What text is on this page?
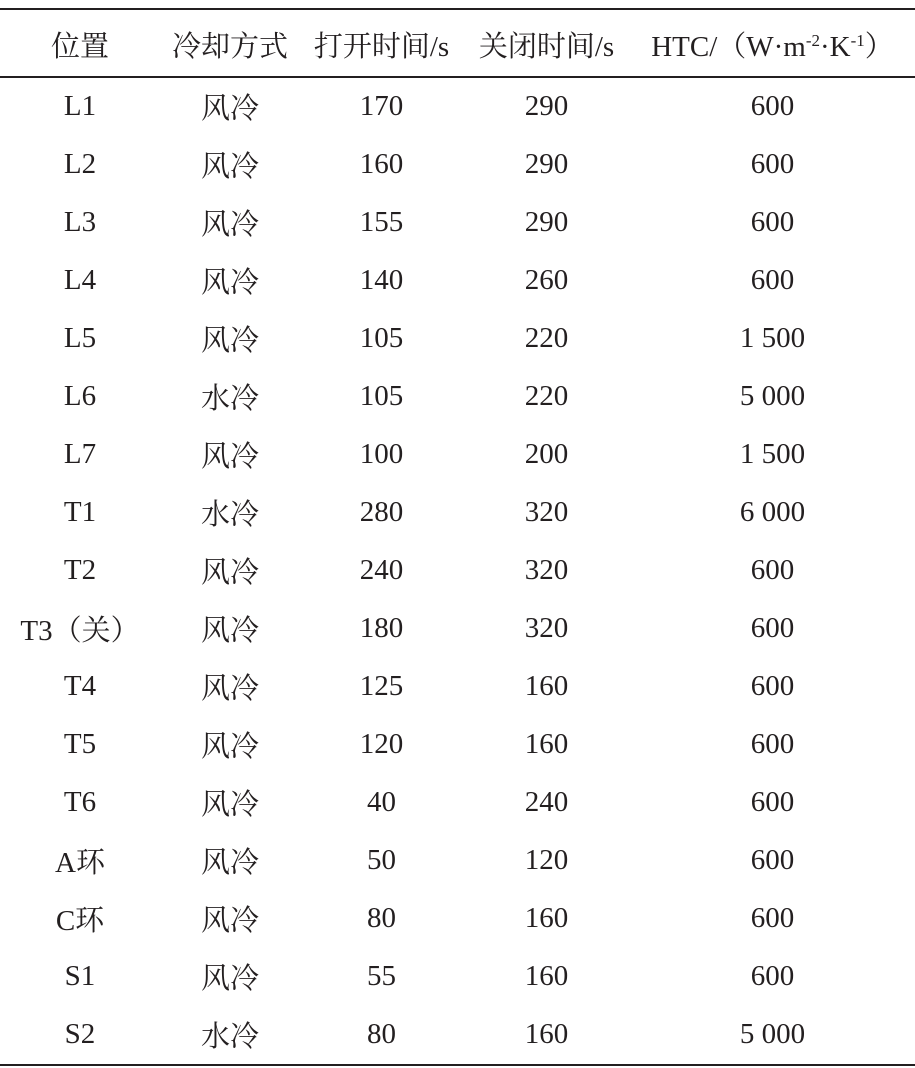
位置	冷却方式	打开时间/s	关闭时间/s	HTC/$(W\cdot m^{-2}\cdot K^{-1})$
L1	风冷	170	290	600
L2	风冷	160	290	600
L3	风冷	155	290	600
L4	风冷	140	260	600
L5	风冷	105	220	1 500
L6	水冷	105	220	5 000
L7	风冷	100	200	1 500
T1	水冷	280	320	6 000
T2	风冷	240	320	600
T3（关）	风冷	180	320	600
T4	风冷	125	160	600
T5	风冷	120	160	600
T6	风冷	40	240	600
A环	风冷	50	120	600
C环	风冷	80	160	600
S1	风冷	55	160	600
S2	水冷	80	160	5 000
